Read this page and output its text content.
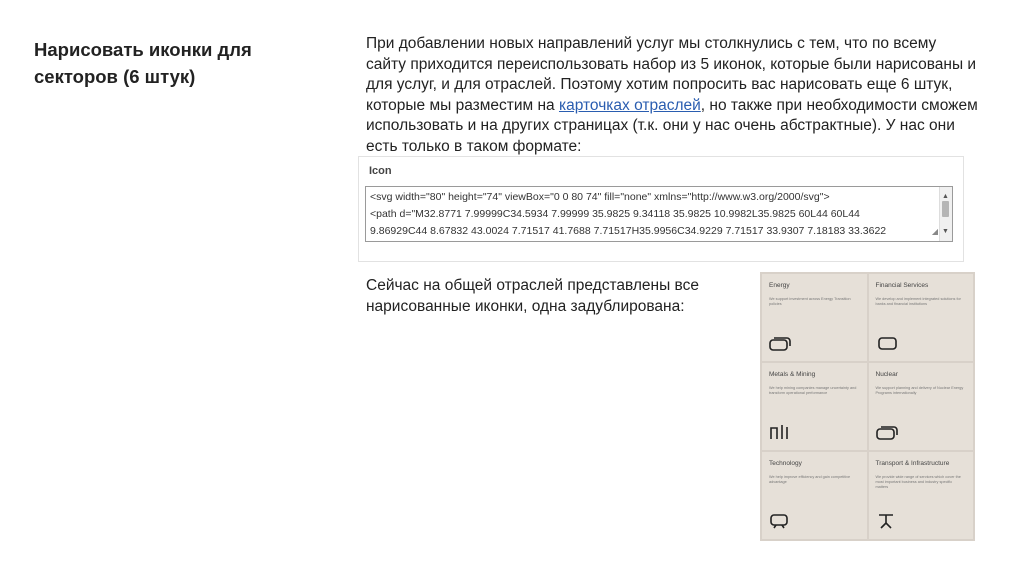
Нарисовать иконки для секторов (6 штук)
При добавлении новых направлений услуг мы столкнулись с тем, что по всему сайту приходится переиспользовать набор из 5 иконок, которые были нарисованы и для услуг, и для отраслей. Поэтому хотим попросить вас нарисовать еще 6 штук, которые мы разместим на карточках отраслей, но также при необходимости сможем использовать и на других страницах (т.к. они у нас очень абстрактные). У нас они есть только в таком формате:
Icon
<svg width="80" height="74" viewBox="0 0 80 74" fill="none" xmlns="http://www.w3.org/2000/svg">
<path d="M32.8771 7.99999C34.5934 7.99999 35.9825 9.34118 35.9825 10.9982L35.9825 60L44 60L44
9.86929C44 8.67832 43.0024 7.71517 41.7688 7.71517H35.9956C34.9229 7.71517 33.9307 7.18183 33.3622
▲
▼
◢
Сейчас на общей отраслей представлены все нарисованные иконки, одна задублирована:
Energy
We support investment across Energy Transition policies
Financial Services
We develop and implement integrated solutions for banks and financial institutions
Metals & Mining
We help mining companies manage uncertainty and transform operational performance
Nuclear
We support planning and delivery of Nuclear Energy Programs internationally
Technology
We help improve efficiency and gain competitive advantage
Transport & Infrastructure
We provide wide range of services which cover the most important business and industry specific matters
